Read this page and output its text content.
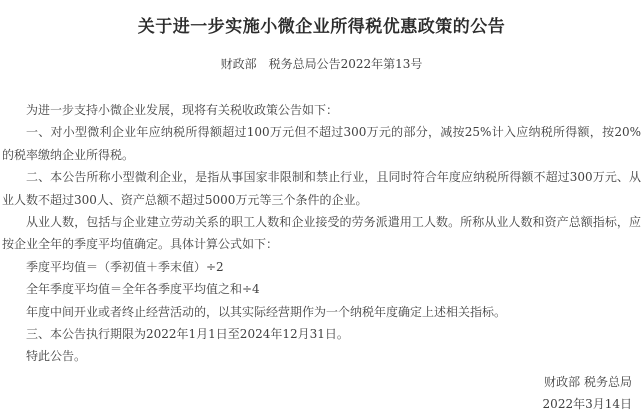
关于进一步实施小微企业所得税优惠政策的公告
财政部　税务总局公告2022年第13号

为进一步支持小微企业发展，现将有关税收政策公告如下：

一、对小型微利企业年应纳税所得额超过100万元但不超过300万元的部分，减按25%计入应纳税所得额，按20%的税率缴纳企业所得税。

二、本公告所称小型微利企业，是指从事国家非限制和禁止行业，且同时符合年度应纳税所得额不超过300万元、从业人数不超过300人、资产总额不超过5000万元等三个条件的企业。

从业人数，包括与企业建立劳动关系的职工人数和企业接受的劳务派遣用工人数。所称从业人数和资产总额指标，应按企业全年的季度平均值确定。具体计算公式如下：

季度平均值＝（季初值＋季末值）÷2

全年季度平均值＝全年各季度平均值之和÷4

年度中间开业或者终止经营活动的，以其实际经营期作为一个纳税年度确定上述相关指标。

三、本公告执行期限为2022年1月1日至2024年12月31日。

特此公告。

财政部 税务总局
2022年3月14日
